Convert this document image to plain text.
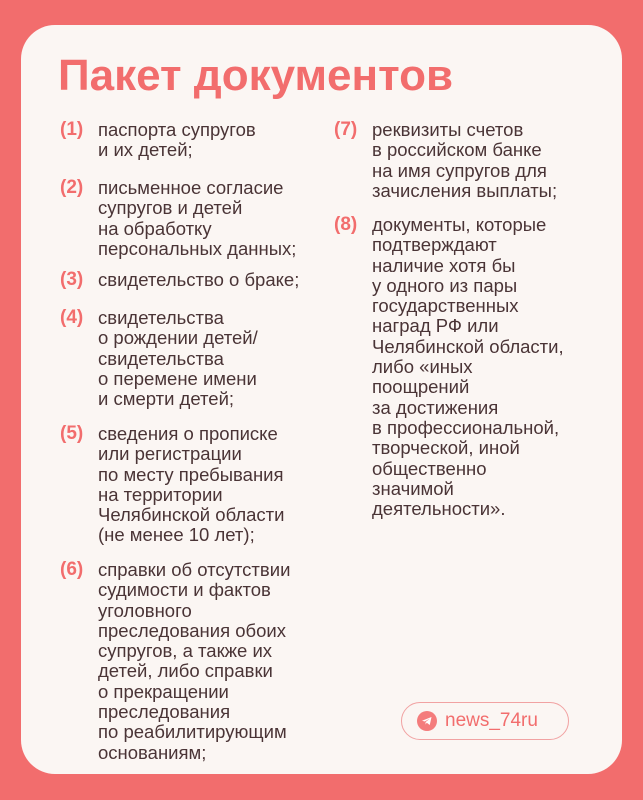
Пакет документов
(1) паспорта супругов
и их детей;
(2) письменное согласие
супругов и детей
на обработку
персональных данных;
(3) свидетельство о браке;
(4) свидетельства
о рождении детей/
свидетельства
о перемене имени
и смерти детей;
(5) сведения о прописке
или регистрации
по месту пребывания
на территории
Челябинской области
(не менее 10 лет);
(6) справки об отсутствии
судимости и фактов
уголовного
преследования обоих
супругов, а также их
детей, либо справки
о прекращении
преследования
по реабилитирующим
основаниям;
(7) реквизиты счетов
в российском банке
на имя супругов для
зачисления выплаты;
(8) документы, которые
подтверждают
наличие хотя бы
у одного из пары
государственных
наград РФ или
Челябинской области,
либо «иных
поощрений
за достижения
в профессиональной,
творческой, иной
общественно
значимой
деятельности».
news_74ru
